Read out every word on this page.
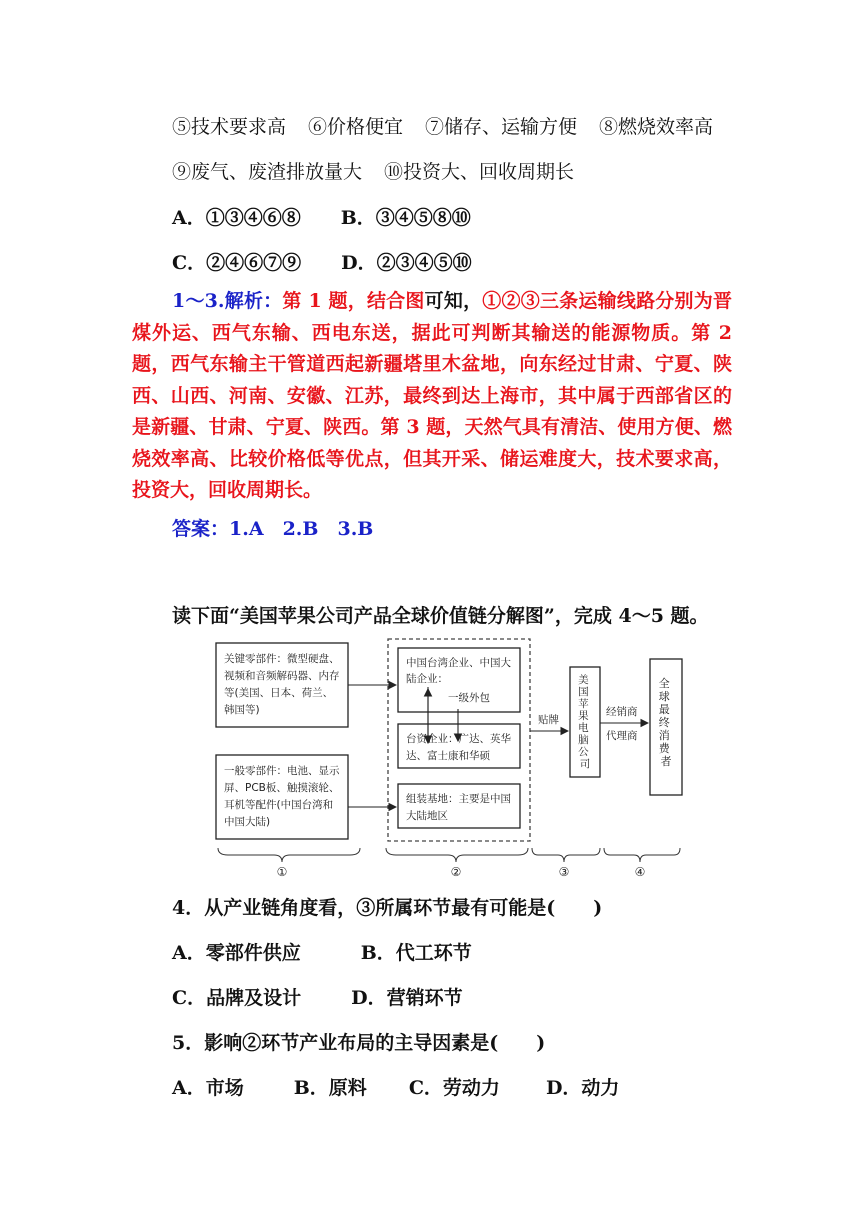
⑤技术要求高 ⑥价格便宜 ⑦储存、运输方便 ⑧燃烧效率高
⑨废气、废渣排放量大 ⑩投资大、回收周期长
A．①③④⑥⑧ B．③④⑤⑧⑩
C．②④⑥⑦⑨ D．②③④⑤⑩
1～3.解析：第 1 题，结合图可知，①②③三条运输线路分别为晋煤外运、西气东输、西电东送，据此可判断其输送的能源物质。第 2 题，西气东输主干管道西起新疆塔里木盆地，向东经过甘肃、宁夏、陕西、山西、河南、安徽、江苏，最终到达上海市，其中属于西部省区的是新疆、甘肃、宁夏、陕西。第 3 题，天然气具有清洁、使用方便、燃烧效率高、比较价格低等优点，但其开采、储运难度大，技术要求高，投资大，回收周期长。
答案：1.A　2.B　3.B
读下面“美国苹果公司产品全球价值链分解图”，完成 4～5 题。
关键零部件：微型硬盘、 视频和音频解码器、内存 等(美国、日本、荷兰、 韩国等)
一般零部件：电池、显示 屏、PCB板、触摸滚轮、 耳机等配件(中国台湾和 中国大陆)
中国台湾企业、中国大 陆企业：
一级外包
台资企业：广达、英华 达、富士康和华硕
组装基地：主要是中国 大陆地区
贴牌
美 国 苹 果 电 脑 公 司
经销商
代理商
全 球 最 终 消 费 者
①	②	③	④
4．从产业链角度看，③所属环节最有可能是(　　)
A．零部件供应	B．代工环节
C．品牌及设计	D．营销环节
5．影响②环节产业布局的主导因素是(　　)
A．市场	B．原料 C．劳动力 D．动力
